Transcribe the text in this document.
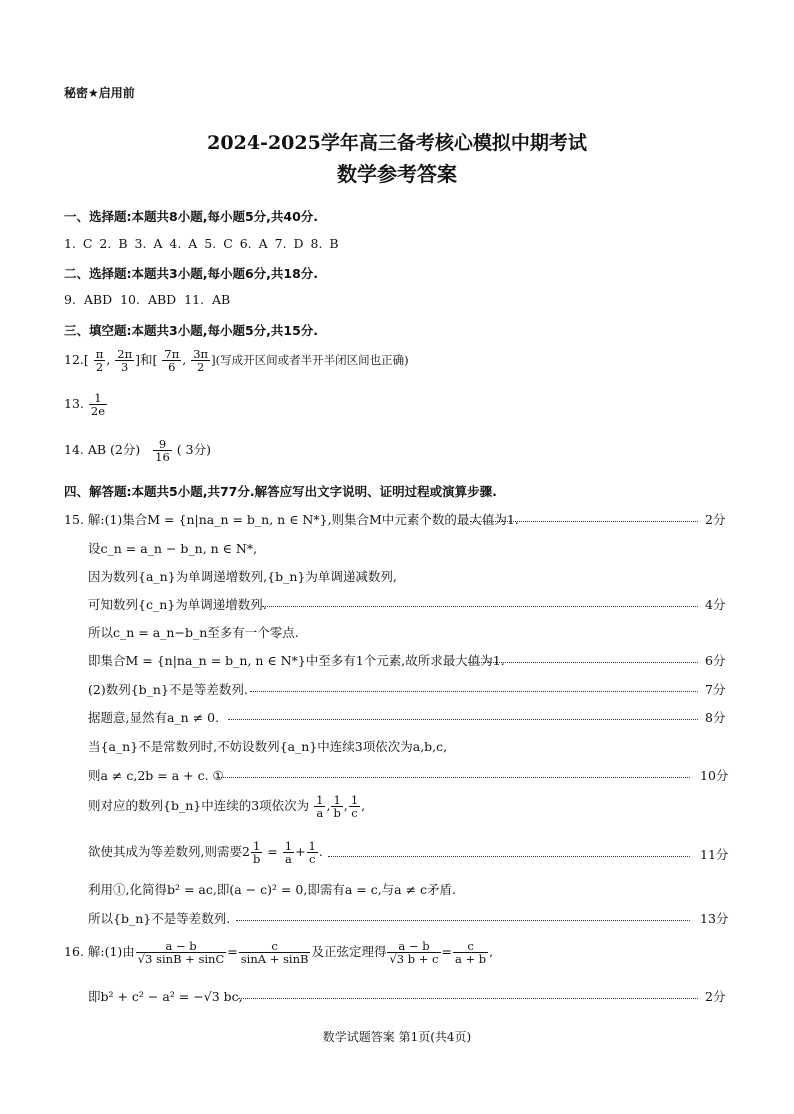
秘密★启用前
2024-2025学年高三备考核心模拟中期考试
数学参考答案
一、选择题:本题共8小题,每小题5分,共40分.
1. C 2. B 3. A 4. A 5. C 6. A 7. D 8. B
二、选择题:本题共3小题,每小题6分,共18分.
9. ABD 10. ABD 11. AB
三、填空题:本题共3小题,每小题5分,共15分.
$12.[ \frac{\pi}{2}$ , $\frac{2\pi}{3}$ ]和[ $\frac{7\pi}{6}$ , $\frac{3\pi}{2}$ ](写成开区间或者半开半闭区间也正确)
13. $\frac{1}{2e}$
14. AB (2分) $\frac{9}{16}$ ( 3分)
四、解答题:本题共5小题,共77分.解答应写出文字说明、证明过程或演算步骤.
15. 解:(1)集合M = {n|na_n = b_n, n ∈ N*},则集合M中元素个数的最大值为1.	2分
设c_n = a_n − b_n, n ∈ N*,
因为数列{a_n}为单调递增数列,{b_n}为单调递减数列,
可知数列{c_n}为单调递增数列.	4分
所以c_n = a_n−b_n至多有一个零点.
即集合M = {n|na_n = b_n, n ∈ N*}中至多有1个元素,故所求最大值为1.	6分
(2)数列{b_n}不是等差数列.	7分
据题意,显然有a_n ≠ 0.	8分
当{a_n}不是常数列时,不妨设数列{a_n}中连续3项依次为a,b,c,
则a ≠ c,2b = a + c. ①	10分
则对应的数列{b_n}中连续的3项依次为 $\frac{1}{a}$ , $\frac{1}{b}$ , $\frac{1}{c}$ ,
欲使其成为等差数列,则需要$2 \frac{1}{b} = \frac{1}{a} + \frac{1}{c}$ .	11分
利用①,化简得b² = ac,即(a − c)² = 0,即需有a = c,与a ≠ c矛盾.
所以{b_n}不是等差数列.	13分
16. 解:(1)由 $\frac{a - b}{√3 \sin B + \sin C} = \frac{c}{\sin A + \sin B}$ 及正弦定理得 $\frac{a - b}{√3 b + c} = \frac{c}{a + b}$ ,
即b² + c² − a² = −√3 bc,	2分
数学试题答案 第1页(共4页)
